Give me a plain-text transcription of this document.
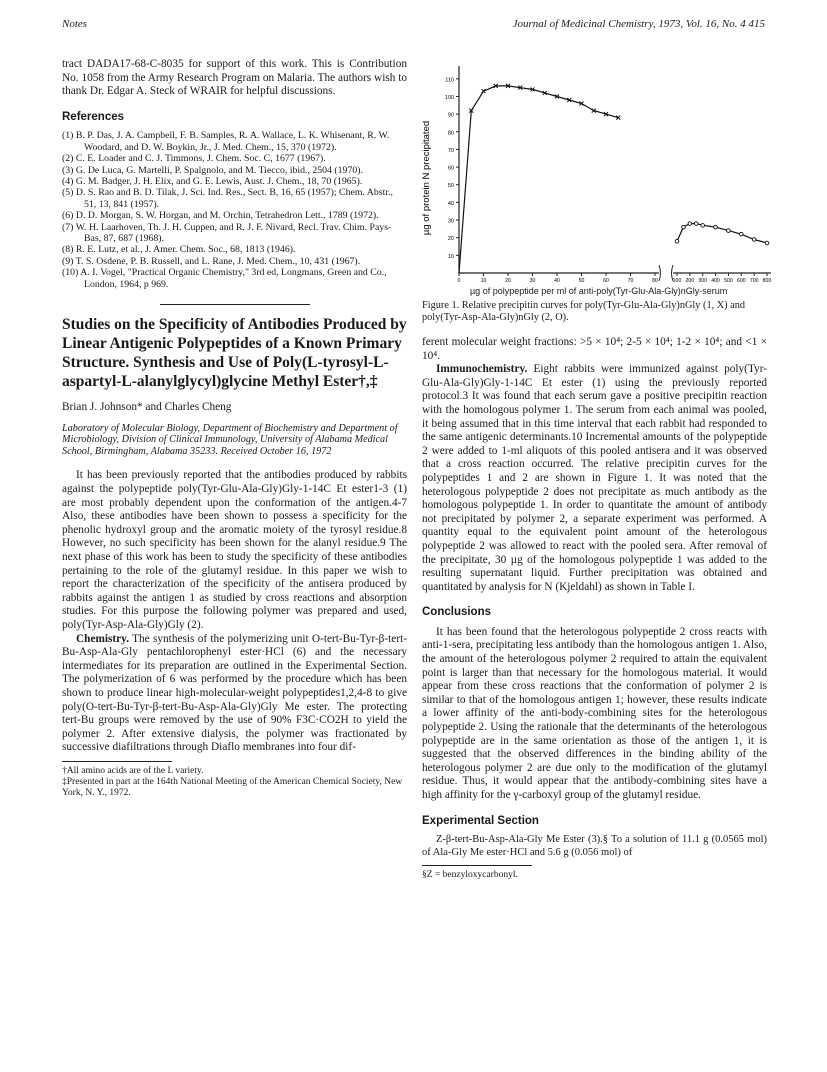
Notes	Journal of Medicinal Chemistry, 1973, Vol. 16, No. 4 415

tract DADA17-68-C-8035 for support of this work. This is Contribution No. 1058 from the Army Research Program on Malaria. The authors wish to thank Dr. Edgar A. Steck of WRAIR for helpful discussions.

References
(1) B. P. Das, J. A. Campbell, F. B. Samples, R. A. Wallace, L. K. Whisenant, R. W. Woodard, and D. W. Boykin, Jr., J. Med. Chem., 15, 370 (1972).
(2) C. E. Loader and C. J. Timmons, J. Chem. Soc. C, 1677 (1967).
(3) G. De Luca, G. Martelli, P. Spalgnolo, and M. Tiecco, ibid., 2504 (1970).
(4) G. M. Badger, J. H. Elix, and G. E. Lewis, Aust. J. Chem., 18, 70 (1965).
(5) D. S. Rao and B. D. Tilak, J. Sci. Ind. Res., Sect. B, 16, 65 (1957); Chem. Abstr., 51, 13, 841 (1957).
(6) D. D. Morgan, S. W. Horgan, and M. Orchin, Tetrahedron Lett., 1789 (1972).
(7) W. H. Laarhoven, Th. J. H. Cuppen, and R. J. F. Nivard, Recl. Trav. Chim. Pays-Bas, 87, 687 (1968).
(8) R. E. Lutz, et al., J. Amer. Chem. Soc., 68, 1813 (1946).
(9) T. S. Osdene, P. B. Russell, and L. Rane, J. Med. Chem., 10, 431 (1967).
(10) A. I. Vogel, "Practical Organic Chemistry," 3rd ed, Longmans, Green and Co., London, 1964, p 969.
Studies on the Specificity of Antibodies Produced by Linear Antigenic Polypeptides of a Known Primary Structure. Synthesis and Use of Poly(L-tyrosyl-L-aspartyl-L-alanylglycyl)glycine Methyl Ester†,‡
Brian J. Johnson* and Charles Cheng
Laboratory of Molecular Biology, Department of Biochemistry and Department of Microbiology, Division of Clinical Immunology, University of Alabama Medical School, Birmingham, Alabama 35233. Received October 16, 1972

It has been previously reported that the antibodies produced by rabbits against the polypeptide poly(Tyr-Glu-Ala-Gly)Gly-1-14C Et ester1-3 (1) are most probably dependent upon the conformation of the antigen.4-7 Also, these antibodies have been shown to possess a specificity for the phenolic hydroxyl group and the aromatic moiety of the tyrosyl residue.8 However, no such specificity has been shown for the alanyl residue.9 The next phase of this work has been to study the specificity of these antibodies pertaining to the role of the glutamyl residue. In this paper we wish to report the characterization of the specificity of the antisera produced by rabbits against the antigen 1 as studied by cross reactions and absorption studies. For this purpose the following polymer was prepared and used, poly(Tyr-Asp-Ala-Gly)Gly (2).

Chemistry. The synthesis of the polymerizing unit O-tert-Bu-Tyr-β-tert-Bu-Asp-Ala-Gly pentachlorophenyl ester·HCl (6) and the necessary intermediates for its preparation are outlined in the Experimental Section. The polymerization of 6 was performed by the procedure which has been shown to produce linear high-molecular-weight polypeptides1,2,4-8 to give poly(O-tert-Bu-Tyr-β-tert-Bu-Asp-Ala-Gly)Gly Me ester. The protecting tert-Bu groups were removed by the use of 90% F3C·CO2H to yield the polymer 2. After extensive dialysis, the polymer was fractionated by successive diafiltrations through Diaflo membranes into four dif-

†All amino acids are of the L variety.
‡Presented in part at the 164th National Meeting of the American Chemical Society, New York, N. Y., 1972.
10
20
30
40
50
60
70
80
90
100
110
0	10	20	30	40	50	60	70	80	100 200 300 400 500 600 700 800
µg of protein N precipitated
µg of polypeptide per ml of anti-poly(Tyr-Glu-Ala-Gly)nGly-serum
Figure 1. Relative precipitin curves for poly(Tyr-Glu-Ala-Gly)nGly (1, X) and poly(Tyr-Asp-Ala-Gly)nGly (2, O).

ferent molecular weight fractions: >5 × 10⁴; 2-5 × 10⁴; 1-2 × 10⁴; and <1 × 10⁴.

Immunochemistry. Eight rabbits were immunized against poly(Tyr-Glu-Ala-Gly)Gly-1-14C Et ester (1) using the previously reported protocol.3 It was found that each serum gave a positive precipitin reaction with the homologous polymer 1. The serum from each animal was pooled, it being assumed that in this time interval that each rabbit had responded to the same antigenic determinants.10 Incremental amounts of the polypeptide 2 were added to 1-ml aliquots of this pooled antisera and it was observed that a cross reaction occurred. The relative precipitin curves for the polypeptides 1 and 2 are shown in Figure 1. It was noted that the heterologous polypeptide 2 does not precipitate as much antibody as the homologous polypeptide 1. In order to quantitate the amount of antibody not precipitated by polymer 2, a separate experiment was performed. A quantity equal to the equivalent point amount of the heterologous polypeptide 2 was allowed to react with the pooled sera. After removal of the precipitate, 30 µg of the homologous polypeptide 1 was added to the resulting supernatant liquid. Further precipitation was obtained and quantitated by analysis for N (Kjeldahl) as shown in Table I.

Conclusions

It has been found that the heterologous polypeptide 2 cross reacts with anti-1-sera, precipitating less antibody than the homologous antigen 1. Also, the amount of the heterologous polymer 2 required to attain the equivalent point is larger than that necessary for the homologous material. It would appear from these cross reactions that the conformation of polymer 2 is similar to that of the homologous antigen 1; however, these results indicate a lower affinity of the anti-body-combining sites for the heterologous polypeptide 2. Using the rationale that the determinants of the heterologous polypeptide are in the same orientation as those of the antigen 1, it is suggested that the observed differences in the binding ability of the heterologous polymer 2 are due only to the modification of the glutamyl residue. Thus, it would appear that the antibody-combining sites have a high affinity for the γ-carboxyl group of the glutamyl residue.

Experimental Section

Z-β-tert-Bu-Asp-Ala-Gly Me Ester (3).§ To a solution of 11.1 g (0.0565 mol) of Ala-Gly Me ester·HCl and 5.6 g (0.056 mol) of

§Z = benzyloxycarbonyl.
